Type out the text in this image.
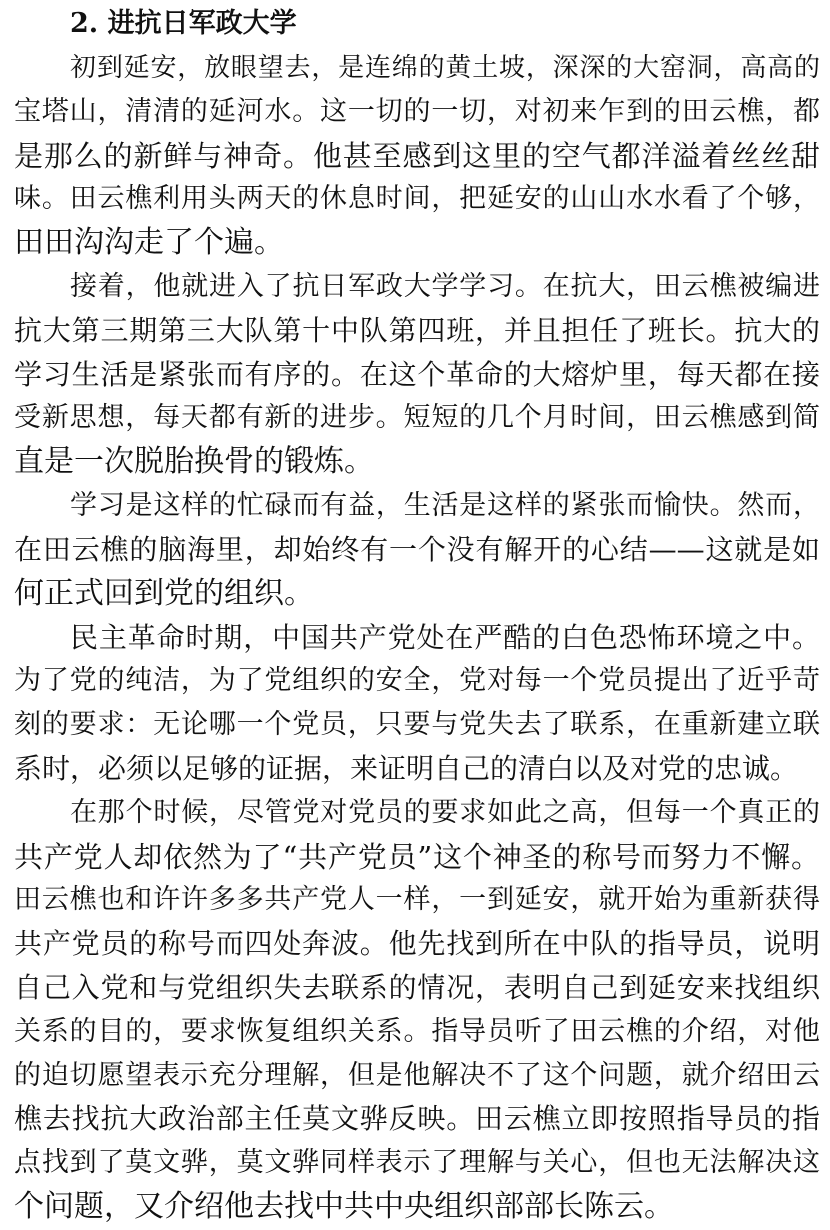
2. 进抗日军政大学
初到延安，放眼望去，是连绵的黄土坡，深深的大窑洞，高高的
宝塔山，清清的延河水。这一切的一切，对初来乍到的田云樵，都
是那么的新鲜与神奇。他甚至感到这里的空气都洋溢着丝丝甜
味。田云樵利用头两天的休息时间，把延安的山山水水看了个够，
田田沟沟走了个遍。
接着，他就进入了抗日军政大学学习。在抗大，田云樵被编进
抗大第三期第三大队第十中队第四班，并且担任了班长。抗大的
学习生活是紧张而有序的。在这个革命的大熔炉里，每天都在接
受新思想，每天都有新的进步。短短的几个月时间，田云樵感到简
直是一次脱胎换骨的锻炼。
学习是这样的忙碌而有益，生活是这样的紧张而愉快。然而，
在田云樵的脑海里，却始终有一个没有解开的心结——这就是如
何正式回到党的组织。
民主革命时期，中国共产党处在严酷的白色恐怖环境之中。
为了党的纯洁，为了党组织的安全，党对每一个党员提出了近乎苛
刻的要求：无论哪一个党员，只要与党失去了联系，在重新建立联
系时，必须以足够的证据，来证明自己的清白以及对党的忠诚。
在那个时候，尽管党对党员的要求如此之高，但每一个真正的
共产党人却依然为了“共产党员”这个神圣的称号而努力不懈。
田云樵也和许许多多共产党人一样，一到延安，就开始为重新获得
共产党员的称号而四处奔波。他先找到所在中队的指导员，说明
自己入党和与党组织失去联系的情况，表明自己到延安来找组织
关系的目的，要求恢复组织关系。指导员听了田云樵的介绍，对他
的迫切愿望表示充分理解，但是他解决不了这个问题，就介绍田云
樵去找抗大政治部主任莫文骅反映。田云樵立即按照指导员的指
点找到了莫文骅，莫文骅同样表示了理解与关心，但也无法解决这
个问题，又介绍他去找中共中央组织部部长陈云。
